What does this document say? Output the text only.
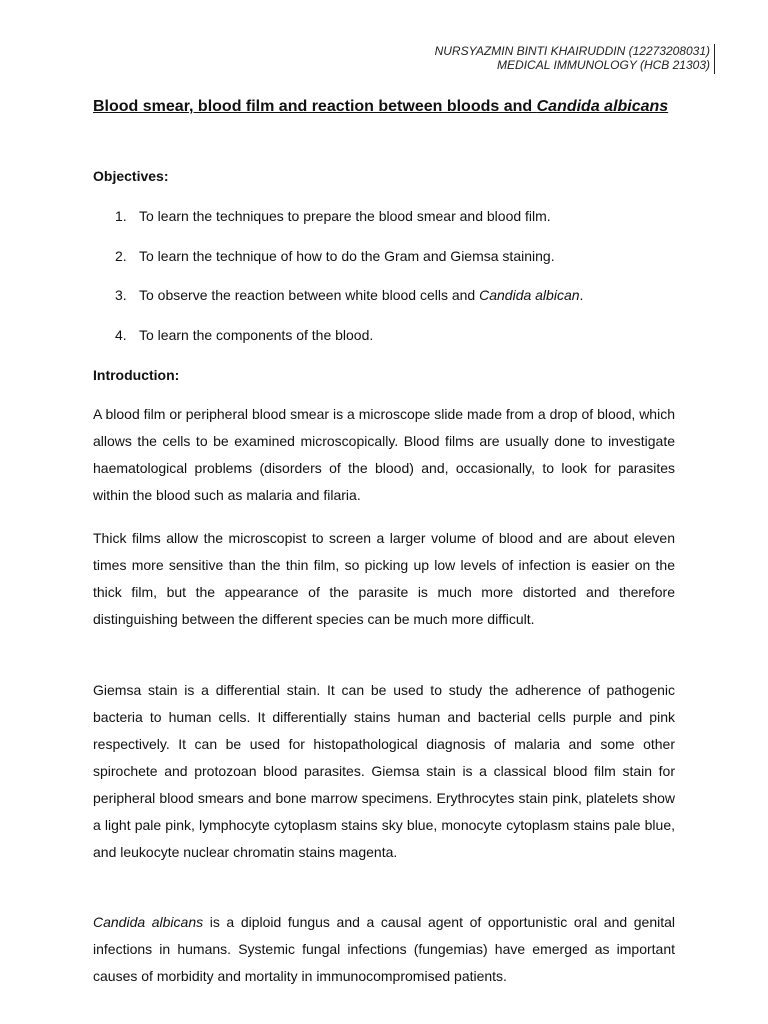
NURSYAZMIN BINTI KHAIRUDDIN (12273208031)
MEDICAL IMMUNOLOGY (HCB 21303)
Blood smear, blood film and reaction between bloods and Candida albicans
Objectives:
1. To learn the techniques to prepare the blood smear and blood film.
2. To learn the technique of how to do the Gram and Giemsa staining.
3. To observe the reaction between white blood cells and Candida albican.
4. To learn the components of the blood.
Introduction:

A blood film or peripheral blood smear is a microscope slide made from a drop of blood, which allows the cells to be examined microscopically. Blood films are usually done to investigate haematological problems (disorders of the blood) and, occasionally, to look for parasites within the blood such as malaria and filaria.

Thick films allow the microscopist to screen a larger volume of blood and are about eleven times more sensitive than the thin film, so picking up low levels of infection is easier on the thick film, but the appearance of the parasite is much more distorted and therefore distinguishing between the different species can be much more difficult.

Giemsa stain is a differential stain. It can be used to study the adherence of pathogenic bacteria to human cells. It differentially stains human and bacterial cells purple and pink respectively. It can be used for histopathological diagnosis of malaria and some other spirochete and protozoan blood parasites. Giemsa stain is a classical blood film stain for peripheral blood smears and bone marrow specimens. Erythrocytes stain pink, platelets show a light pale pink, lymphocyte cytoplasm stains sky blue, monocyte cytoplasm stains pale blue, and leukocyte nuclear chromatin stains magenta.

Candida albicans is a diploid fungus and a causal agent of opportunistic oral and genital infections in humans. Systemic fungal infections (fungemias) have emerged as important causes of morbidity and mortality in immunocompromised patients.
